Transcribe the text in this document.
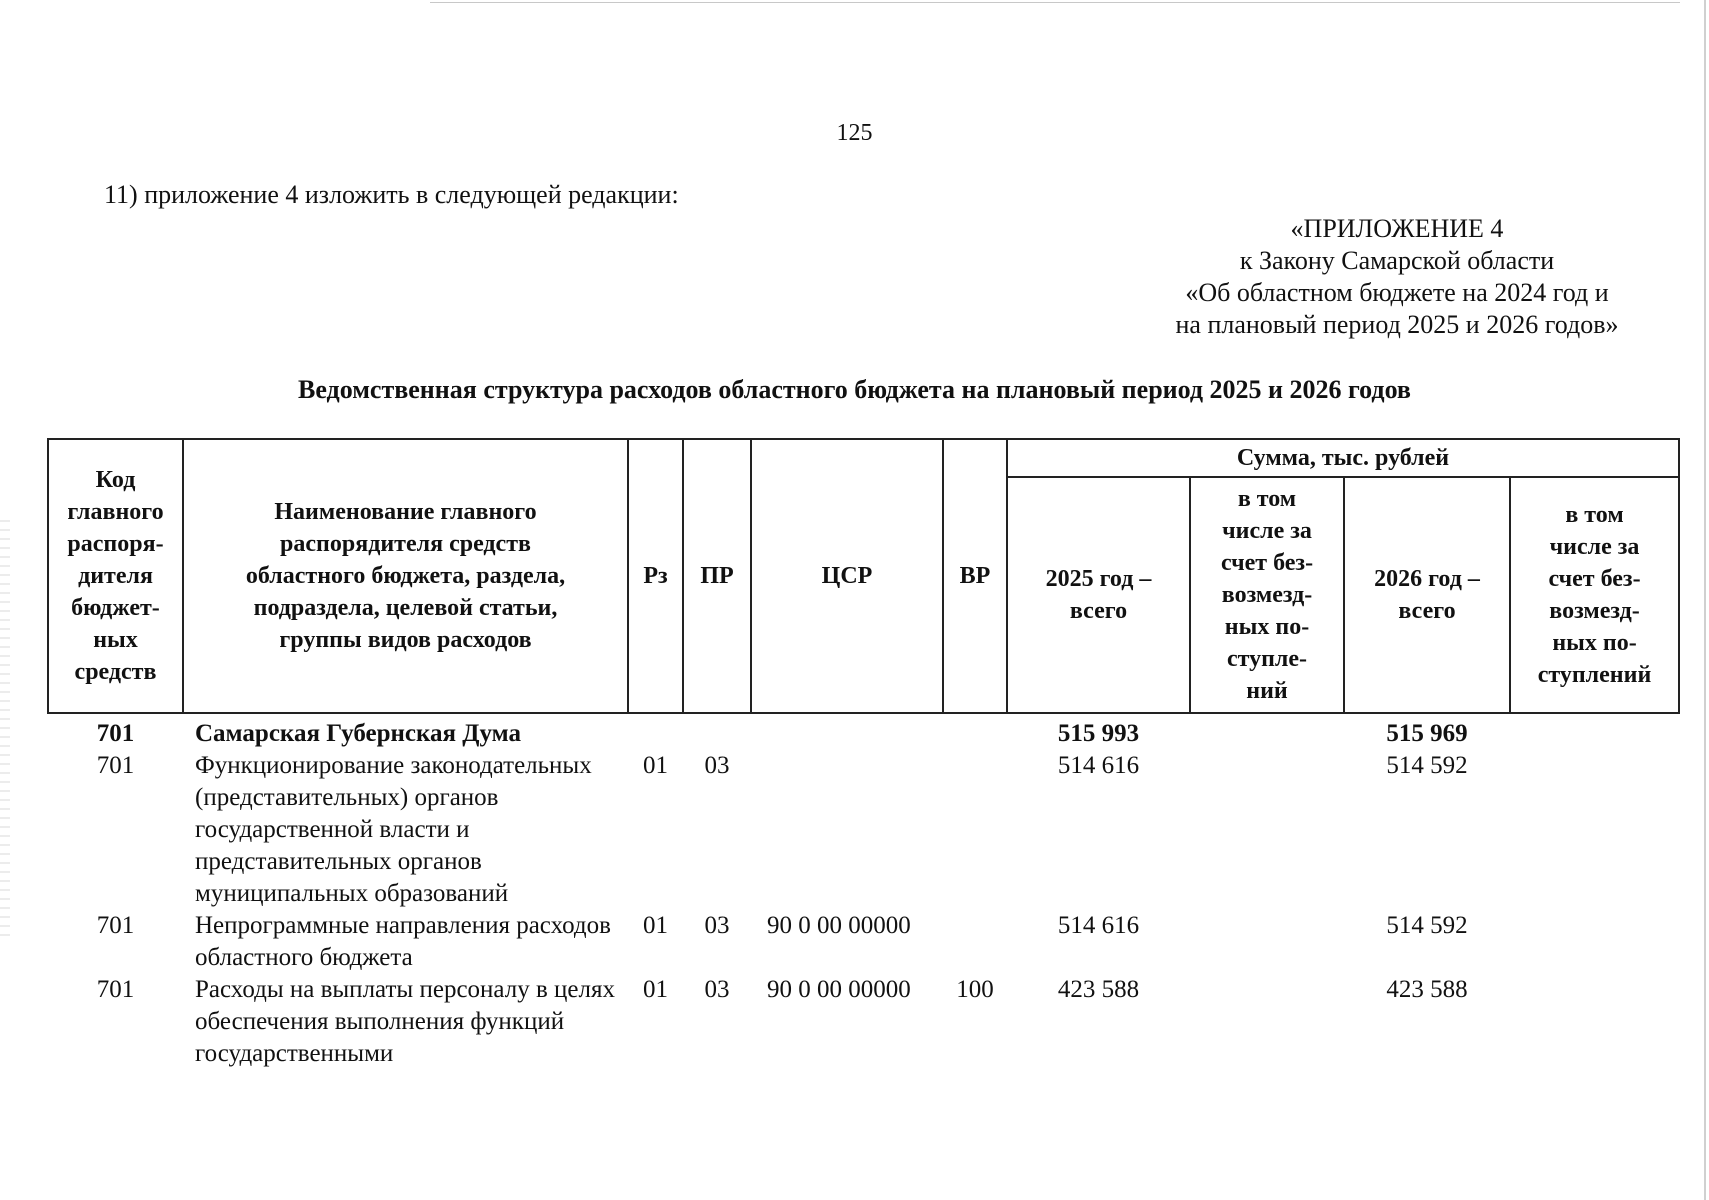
125
11) приложение 4 изложить в следующей редакции:
«ПРИЛОЖЕНИЕ 4
к Закону Самарской области
«Об областном бюджете на 2024 год и
на плановый период 2025 и 2026 годов»
Ведомственная структура расходов областного бюджета на плановый период 2025 и 2026 годов
Код главного распоря-дителя бюджет-ных средств	Наименование главного распорядителя средств областного бюджета, раздела, подраздела, целевой статьи, группы видов расходов	Рз	ПР	ЦСР	ВР	Сумма, тыс. рублей			
						2025 год – всего	в том числе за счет без-возмезд-ных по-ступле-ний	2026 год – всего	в том числе за счет без-возмезд-ных по-ступлений
701	Самарская Губернская Дума					515 993		515 969	
701	Функционирование законодательных (представительных) органов государственной власти и представительных органов муниципальных образований	01	03			514 616		514 592	
701	Непрограммные направления расходов областного бюджета	01	03	90 0 00 00000		514 616		514 592	
701	Расходы на выплаты персоналу в целях обеспечения выполнения функций государственными	01	03	90 0 00 00000	100	423 588		423 588	
